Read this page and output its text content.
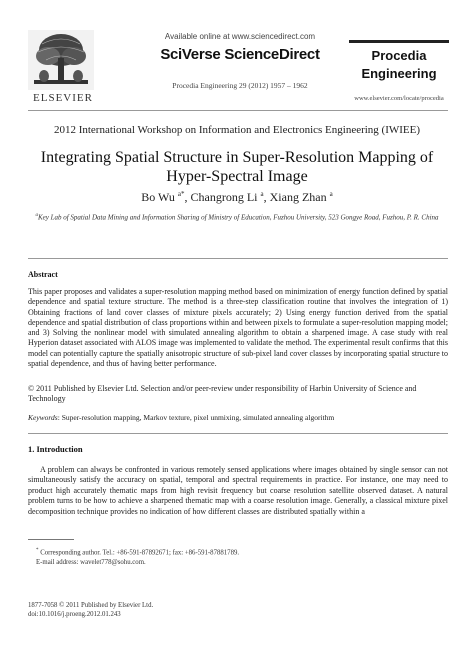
ELSEVIER
Available online at www.sciencedirect.com
SciVerse ScienceDirect
Procedia Engineering 29 (2012) 1957 – 1962
Procedia
Engineering
www.elsevier.com/locate/procedia
2012 International Workshop on Information and Electronics Engineering (IWIEE)
Integrating Spatial Structure in Super-Resolution Mapping of
Hyper-Spectral Image
Bo Wu $^{a*}$, Changrong Li $^a$, Xiang Zhan $^a$
$^a$Key Lab of Spatial Data Mining and Information Sharing of Ministry of Education, Fuzhou University, 523 Gongye Road, Fuzhou, P. R. China
Abstract
This paper proposes and validates a super-resolution mapping method based on minimization of energy function defined by spatial dependence and spatial texture structure. The method is a three-step classification routine that involves the integration of 1) Obtaining fractions of land cover classes of mixture pixels accurately; 2) Using energy function derived from the spatial dependence and spatial distribution of class proportions within and between pixels to formulate a super-resolution mapping model; and 3) Solving the nonlinear model with simulated annealing algorithm to obtain a sharpened image. A case study with real Hyperion dataset associated with ALOS image was implemented to validate the method. The experimental result confirms that this model can potentially capture the spatially anisotropic structure of sub-pixel land cover classes by incorporating spatial structure to spatial dependence, and thus of having better performance.
© 2011 Published by Elsevier Ltd. Selection and/or peer-review under responsibility of Harbin University of Science and Technology
Keywords: Super-resolution mapping, Markov texture, pixel unmixing, simulated annealing algorithm
1. Introduction
A problem can always be confronted in various remotely sensed applications where images obtained by single sensor can not simultaneously satisfy the accuracy on spatial, temporal and spectral requirements in practice. For instance, one may need to product high accurately thematic maps from high revisit frequency but coarse resolution satellite observed dataset. A natural problem turns to be how to achieve a sharpened thematic map with a coarse resolution image. Generally, a classical mixture pixel decomposition technique provides no indication of how different classes are distributed spatially within a
* Corresponding author. Tel.: +86-591-87892671; fax: +86-591-87881789.
E-mail address: wavelet778@sohu.com.
1877-7058 © 2011 Published by Elsevier Ltd.
doi:10.1016/j.proeng.2012.01.243
